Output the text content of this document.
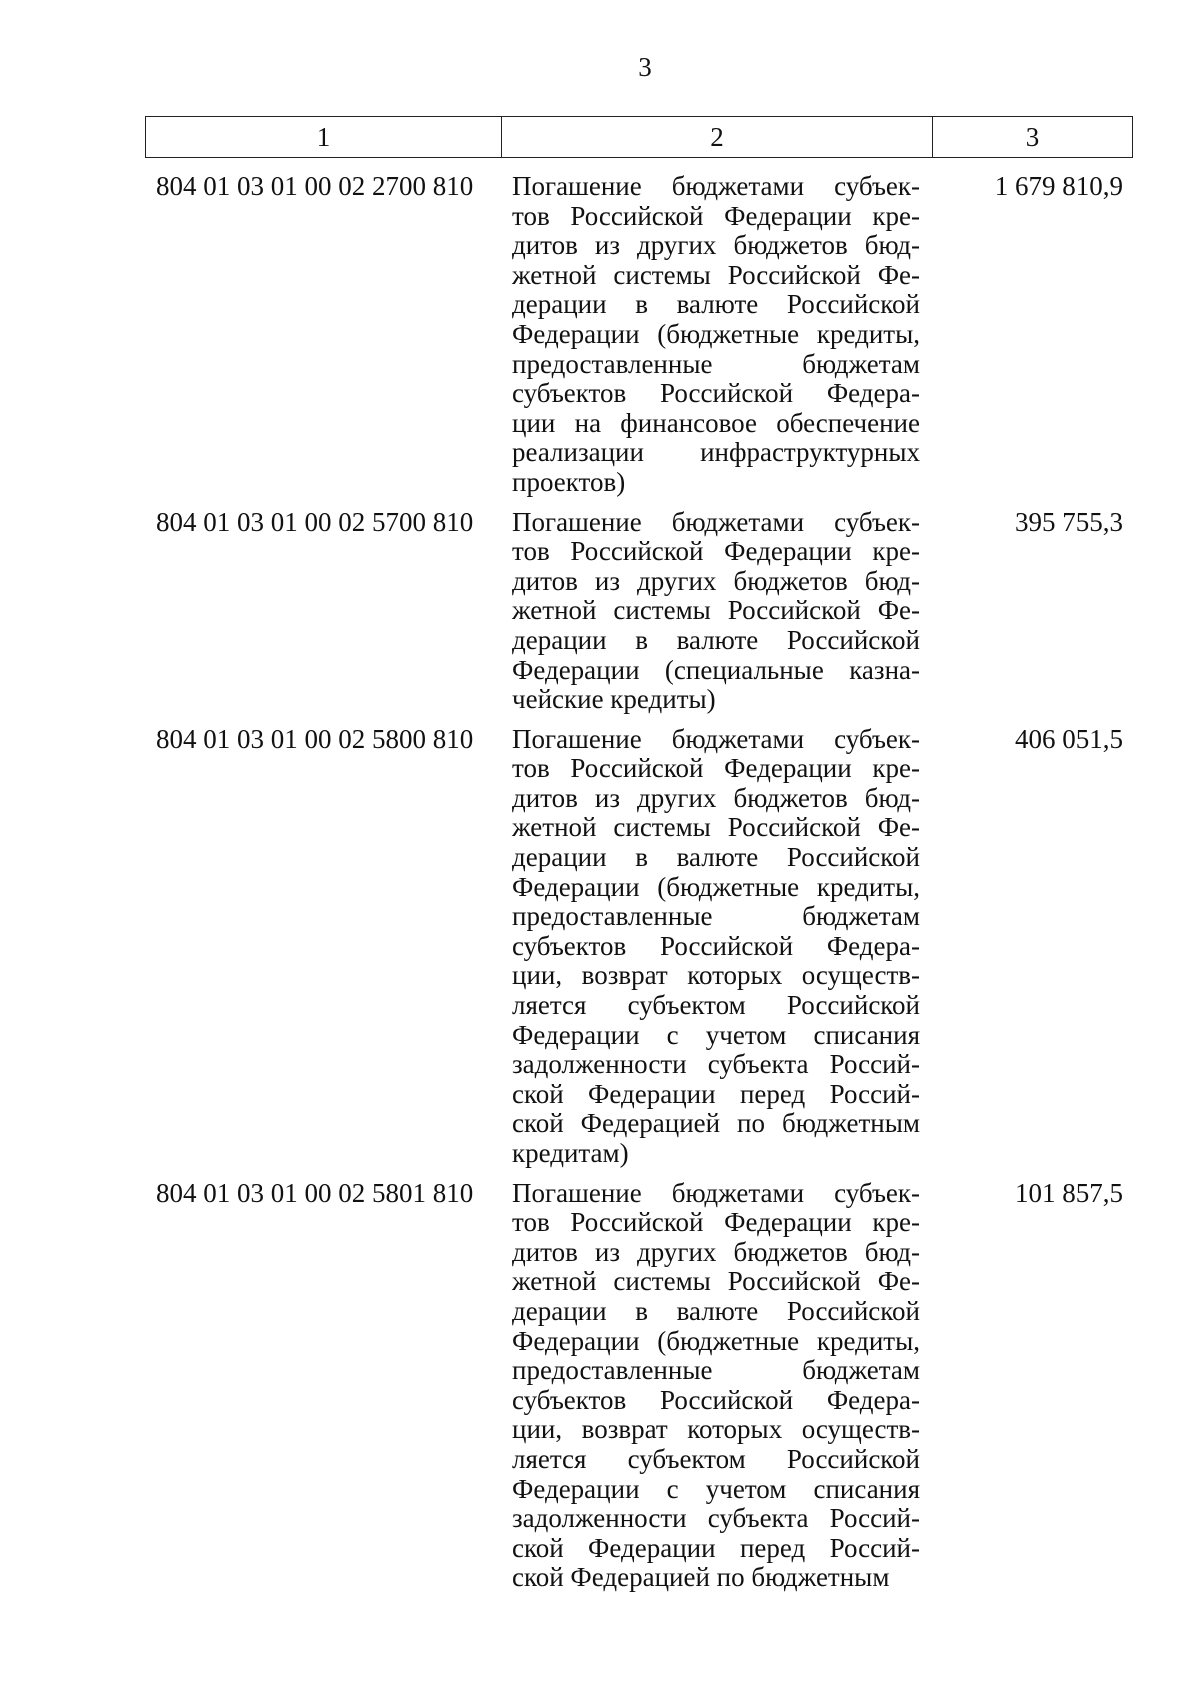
3
1	2	3
804 01 03 01 00 02 2700 810	Погашение бюджетами субъек-
тов Российской Федерации кре-
дитов из других бюджетов бюд-
жетной системы Российской Фе-
дерации в валюте Российской
Федерации (бюджетные кредиты,
предоставленные бюджетам
субъектов Российской Федера-
ции на финансовое обеспечение
реализации инфраструктурных
проектов)
1 679 810,9
804 01 03 01 00 02 5700 810	Погашение бюджетами субъек-
тов Российской Федерации кре-
дитов из других бюджетов бюд-
жетной системы Российской Фе-
дерации в валюте Российской
Федерации (специальные казна-
чейские кредиты)
395 755,3
804 01 03 01 00 02 5800 810	Погашение бюджетами субъек-
тов Российской Федерации кре-
дитов из других бюджетов бюд-
жетной системы Российской Фе-
дерации в валюте Российской
Федерации (бюджетные кредиты,
предоставленные бюджетам
субъектов Российской Федера-
ции, возврат которых осуществ-
ляется субъектом Российской
Федерации с учетом списания
задолженности субъекта Россий-
ской Федерации перед Россий-
ской Федерацией по бюджетным
кредитам)
406 051,5
804 01 03 01 00 02 5801 810	Погашение бюджетами субъек-
тов Российской Федерации кре-
дитов из других бюджетов бюд-
жетной системы Российской Фе-
дерации в валюте Российской
Федерации (бюджетные кредиты,
предоставленные бюджетам
субъектов Российской Федера-
ции, возврат которых осуществ-
ляется субъектом Российской
Федерации с учетом списания
задолженности субъекта Россий-
ской Федерации перед Россий-
ской Федерацией по бюджетным
101 857,5
